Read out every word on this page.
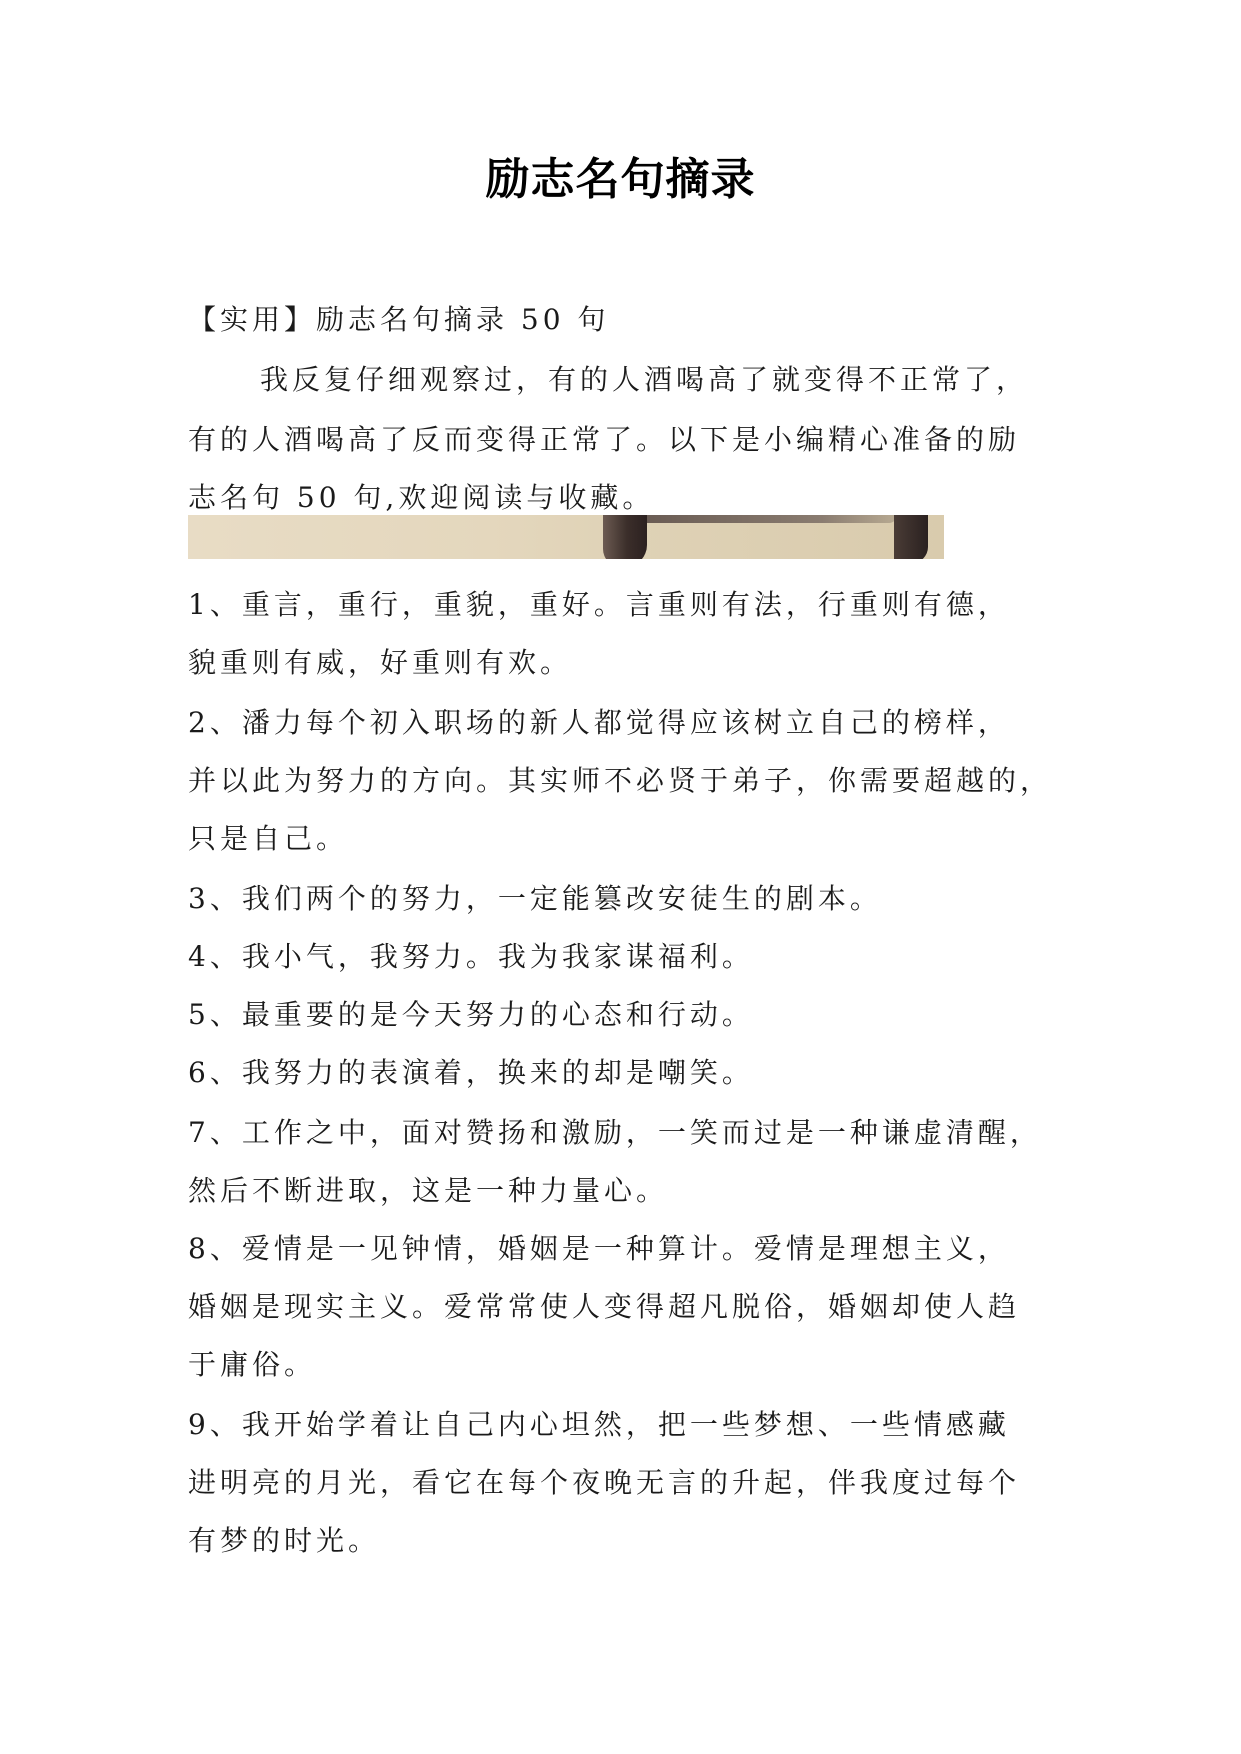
励志名句摘录
【实用】励志名句摘录 50 句
我反复仔细观察过，有的人酒喝高了就变得不正常了，
有的人酒喝高了反而变得正常了。以下是小编精心准备的励
志名句 50 句,欢迎阅读与收藏。
1、重言，重行，重貌，重好。言重则有法，行重则有德，
貌重则有威，好重则有欢。
2、潘力每个初入职场的新人都觉得应该树立自己的榜样，
并以此为努力的方向。其实师不必贤于弟子，你需要超越的，
只是自己。
3、我们两个的努力，一定能篡改安徒生的剧本。
4、我小气，我努力。我为我家谋福利。
5、最重要的是今天努力的心态和行动。
6、我努力的表演着，换来的却是嘲笑。
7、工作之中，面对赞扬和激励，一笑而过是一种谦虚清醒，
然后不断进取，这是一种力量心。
8、爱情是一见钟情，婚姻是一种算计。爱情是理想主义，
婚姻是现实主义。爱常常使人变得超凡脱俗，婚姻却使人趋
于庸俗。
9、我开始学着让自己内心坦然，把一些梦想、一些情感藏
进明亮的月光，看它在每个夜晚无言的升起，伴我度过每个
有梦的时光。
